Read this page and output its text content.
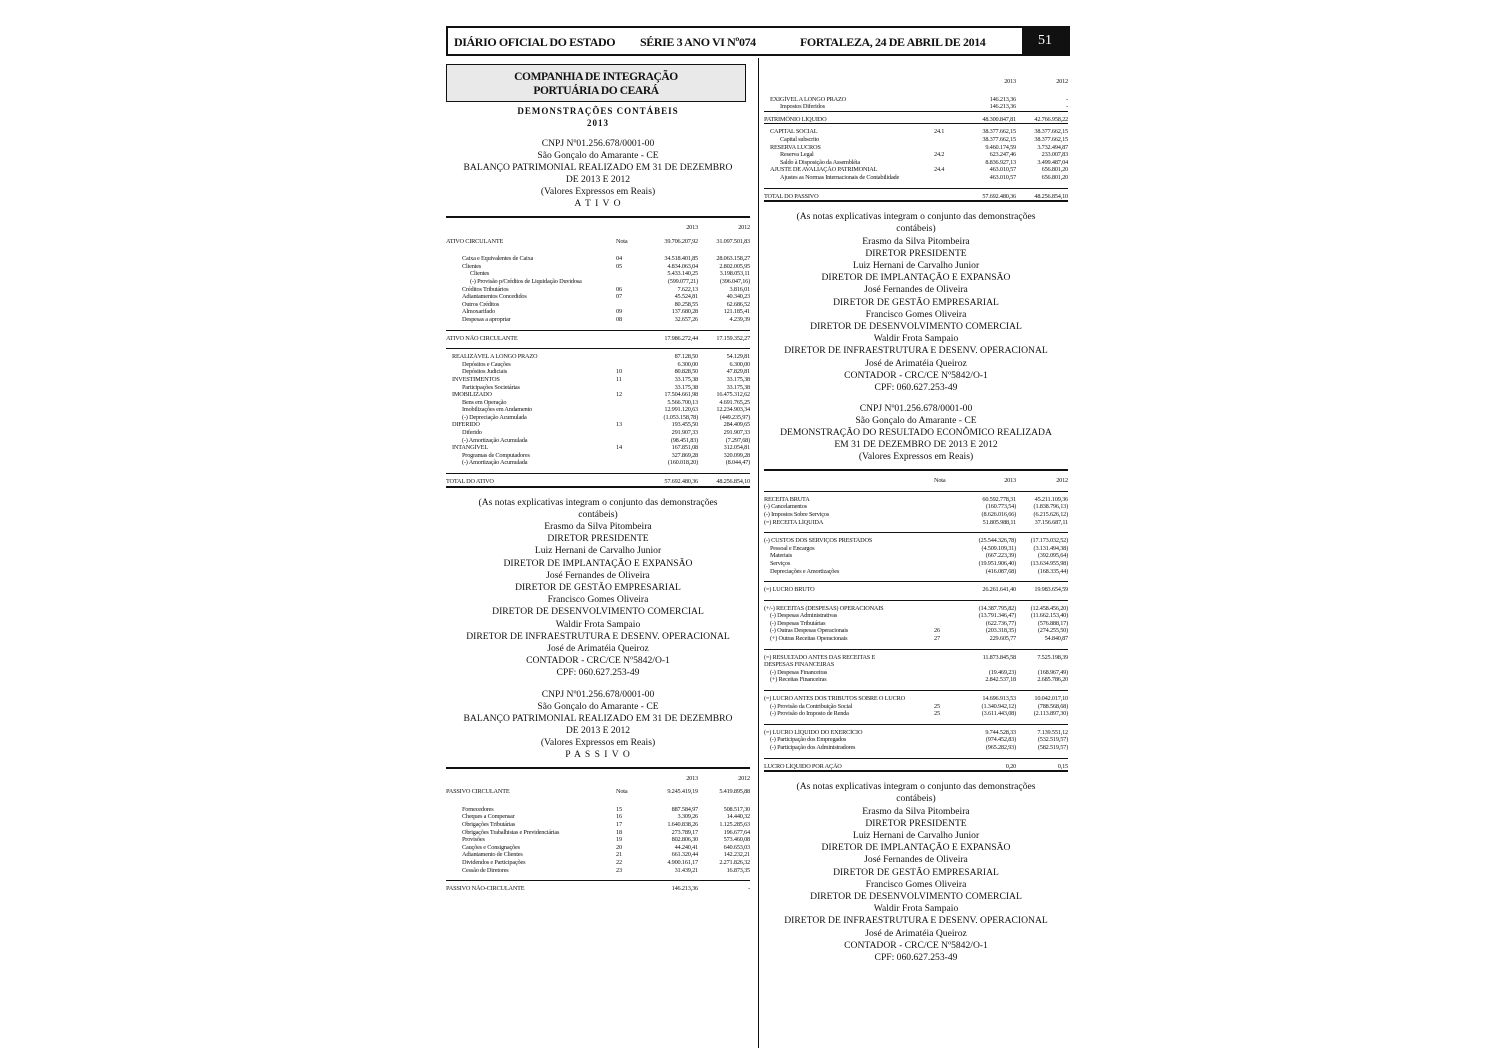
DIÁRIO OFICIAL DO ESTADO SÉRIE 3 ANO VI Nº074	FORTALEZA, 24 DE ABRIL DE 2014	51
COMPANHIA DE INTEGRAÇÃO
PORTUÁRIA DO CEARÁ
DEMONSTRAÇÕES CONTÁBEIS
2013
CNPJ Nº01.256.678/0001-00
São Gonçalo do Amarante - CE
BALANÇO PATRIMONIAL REALIZADO EM 31 DE DEZEMBRO
DE 2013 E 2012
(Valores Expressos em Reais)
A T I V O

		2013	2012

ATIVO CIRCULANTE	Nota	39.706.207,92	31.097.501,83

Caixa e Equivalentes de Caixa	04	34.518.401,85	28.063.158,27
Clientes	05	4.834.063,04	2.802.005,95
Clientes		5.433.140,25	3.198.053,11
(-) Provisão p/Créditos de Liquidação Duvidosa		(599.077,21)	(396.047,16)
Créditos Tributários	06	7.622,13	3.816,01
Adiantamentos Concedidos	07	45.524,81	40.340,23
Outros Créditos		80.258,55	62.686,52
Almoxarifado	09	137.680,28	121.185,41
Despesas a apropriar	08	32.657,26	4.239,39

ATIVO NÃO CIRCULANTE		17.986.272,44	17.159.352,27

REALIZÁVEL A LONGO PRAZO		87.128,50	54.129,81
Depósitos e Cauções		6.300,00	6.300,00
Depósitos Judiciais	10	80.828,50	47.829,81
INVESTIMENTOS	11	33.175,38	33.175,38
Participações Societárias		33.175,38	33.175,38
IMOBILIZADO	12	17.504.661,98	16.475.312,62
Bens em Operação		5.566.700,13	4.691.765,25
Imobilizações em Andamento		12.991.120,63	12.234.903,34
(-) Depreciação Acumulada		(1.053.158,78)	(449.235,97)
DIFERIDO	13	193.455,50	284.409,65
Diferido		291.907,33	291.907,33
(-) Amortização Acumulada		(98.451,83)	(7.297,68)
INTANGÍVEL	14	167.851,08	312.054,81
Programas de Computadores		327.869,28	320.099,28
(-) Amortização Acumulada		(160.018,20)	(8.044,47)

TOTAL DO ATIVO		57.692.480,36	48.256.854,10

(As notas explicativas integram o conjunto das demonstrações
contábeis)
Erasmo da Silva Pitombeira
DIRETOR PRESIDENTE
Luiz Hernani de Carvalho Junior
DIRETOR DE IMPLANTAÇÃO E EXPANSÃO
José Fernandes de Oliveira
DIRETOR DE GESTÃO EMPRESARIAL
Francisco Gomes Oliveira
DIRETOR DE DESENVOLVIMENTO COMERCIAL
Waldir Frota Sampaio
DIRETOR DE INFRAESTRUTURA E DESENV. OPERACIONAL
José de Arimatéia Queiroz
CONTADOR - CRC/CE Nº5842/O-1
CPF: 060.627.253-49
CNPJ Nº01.256.678/0001-00
São Gonçalo do Amarante - CE
BALANÇO PATRIMONIAL REALIZADO EM 31 DE DEZEMBRO
DE 2013 E 2012
(Valores Expressos em Reais)
P A S S I V O

		2013	2012

PASSIVO CIRCULANTE	Nota	9.245.419,19	5.419.895,88

Fornecedores	15	887.584,97	508.517,30
Cheques a Compensar	16	3.309,26	14.440,32
Obrigações Tributárias	17	1.640.838,26	1.125.285,63
Obrigações Trabalhistas e Previdenciárias	18	273.789,17	196.677,64
Provisões	19	802.806,30	573.460,08
Cauções e Consignações	20	44.240,41	640.653,03
Adiantamento de Clientes	21	661.320,44	142.232,21
Dividendos e Participações	22	4.900.161,17	2.271.826,32
Cessão de Diretores	23	31.439,21	16.873,35

PASSIVO NÃO-CIRCULANTE		146.213,36	-
		2013	2012

EXIGÍVEL A LONGO PRAZO		146.213,36	-
Impostos Diferidos		146.213,36	-

PATRIMÔNIO LÍQUIDO		48.300.847,81	42.766.958,22

CAPITAL SOCIAL	24.1	38.377.662,15	38.377.662,15
Capital subscrito		38.377.662,15	38.377.662,15
RESERVA LUCROS		9.460.174,59	3.732.494,87
Reserva Legal	24.2	623.247,46	233.007,83
Saldo à Disposição da Assembléia		8.836.927,13	3.499.487,04
AJUSTE DE AVALIAÇÃO PATRIMONIAL	24.4	463.010,57	656.801,20
Ajustes as Normas Internacionais de Contabilidade		463.010,57	656.801,20

TOTAL DO PASSIVO		57.692.480,36	48.256.854,10

(As notas explicativas integram o conjunto das demonstrações
contábeis)
Erasmo da Silva Pitombeira
DIRETOR PRESIDENTE
Luiz Hernani de Carvalho Junior
DIRETOR DE IMPLANTAÇÃO E EXPANSÃO
José Fernandes de Oliveira
DIRETOR DE GESTÃO EMPRESARIAL
Francisco Gomes Oliveira
DIRETOR DE DESENVOLVIMENTO COMERCIAL
Waldir Frota Sampaio
DIRETOR DE INFRAESTRUTURA E DESENV. OPERACIONAL
José de Arimatéia Queiroz
CONTADOR - CRC/CE Nº5842/O-1
CPF: 060.627.253-49
CNPJ Nº01.256.678/0001-00
São Gonçalo do Amarante - CE
DEMONSTRAÇÃO DO RESULTADO ECONÔMICO REALIZADA
EM 31 DE DEZEMBRO DE 2013 E 2012
(Valores Expressos em Reais)

	Nota	2013	2012

RECEITA BRUTA		60.592.778,31	45.211.109,36
(-) Cancelamentos		(160.773,54)	(1.838.796,13)
(-) Impostos Sobre Serviços		(8.626.016,66)	(6.215.626,12)
(=) RECEITA LÍQUIDA		51.805.988,11	37.156.687,11

(-) CUSTOS DOS SERVIÇOS PRESTADOS		(25.544.326,78)	(17.173.032,52)
Pessoal e Encargos		(4.509.109,31)	(3.131.494,38)
Materiais		(667.223,39)	(392.095,64)
Serviços		(19.951.906,40)	(13.634.955,98)
Depreciações e Amortizações		(416.087,68)	(168.335,44)

(=) LUCRO BRUTO		26.261.641,40	19.983.654,59

(+/-) RECEITAS (DESPESAS) OPERACIONAIS		(14.387.795,82)	(12.458.456,20)
(-) Despesas Administrativas		(13.791.346,47)	(11.662.153,40)
(-) Despesas Tributárias		(622.736,77)	(576.888,17)
(-) Outras Despesas Operacionais	26	(203.318,35)	(274.255,50)
(+) Outras Receitas Operacionais	27	229.605,77	54.840,87

(=) RESULTADO ANTES DAS RECEITAS E		11.873.845,58	7.525.198,39
DESPESAS FINANCEIRAS			
(-) Despesas Financeiras		(19.469,23)	(168.967,49)
(+) Receitas Financeiras		2.842.537,18	2.685.786,20

(=) LUCRO ANTES DOS TRIBUTOS SOBRE O LUCRO		14.696.913,53	10.042.017,10
(-) Provisão da Contribuição Social	25	(1.340.942,12)	(788.568,68)
(-) Provisão do Imposto de Renda	25	(3.611.443,08)	(2.113.897,30)

(=) LUCRO LÍQUIDO DO EXERCÍCIO		9.744.528,33	7.139.551,12
(-) Participação dos Empregados		(974.452,83)	(532.519,57)
(-) Participação dos Administradores		(965.282,93)	(582.519,57)

LUCRO LÍQUIDO POR AÇÃO		0,20	0,15

(As notas explicativas integram o conjunto das demonstrações
contábeis)
Erasmo da Silva Pitombeira
DIRETOR PRESIDENTE
Luiz Hernani de Carvalho Junior
DIRETOR DE IMPLANTAÇÃO E EXPANSÃO
José Fernandes de Oliveira
DIRETOR DE GESTÃO EMPRESARIAL
Francisco Gomes Oliveira
DIRETOR DE DESENVOLVIMENTO COMERCIAL
Waldir Frota Sampaio
DIRETOR DE INFRAESTRUTURA E DESENV. OPERACIONAL
José de Arimatéia Queiroz
CONTADOR - CRC/CE Nº5842/O-1
CPF: 060.627.253-49
